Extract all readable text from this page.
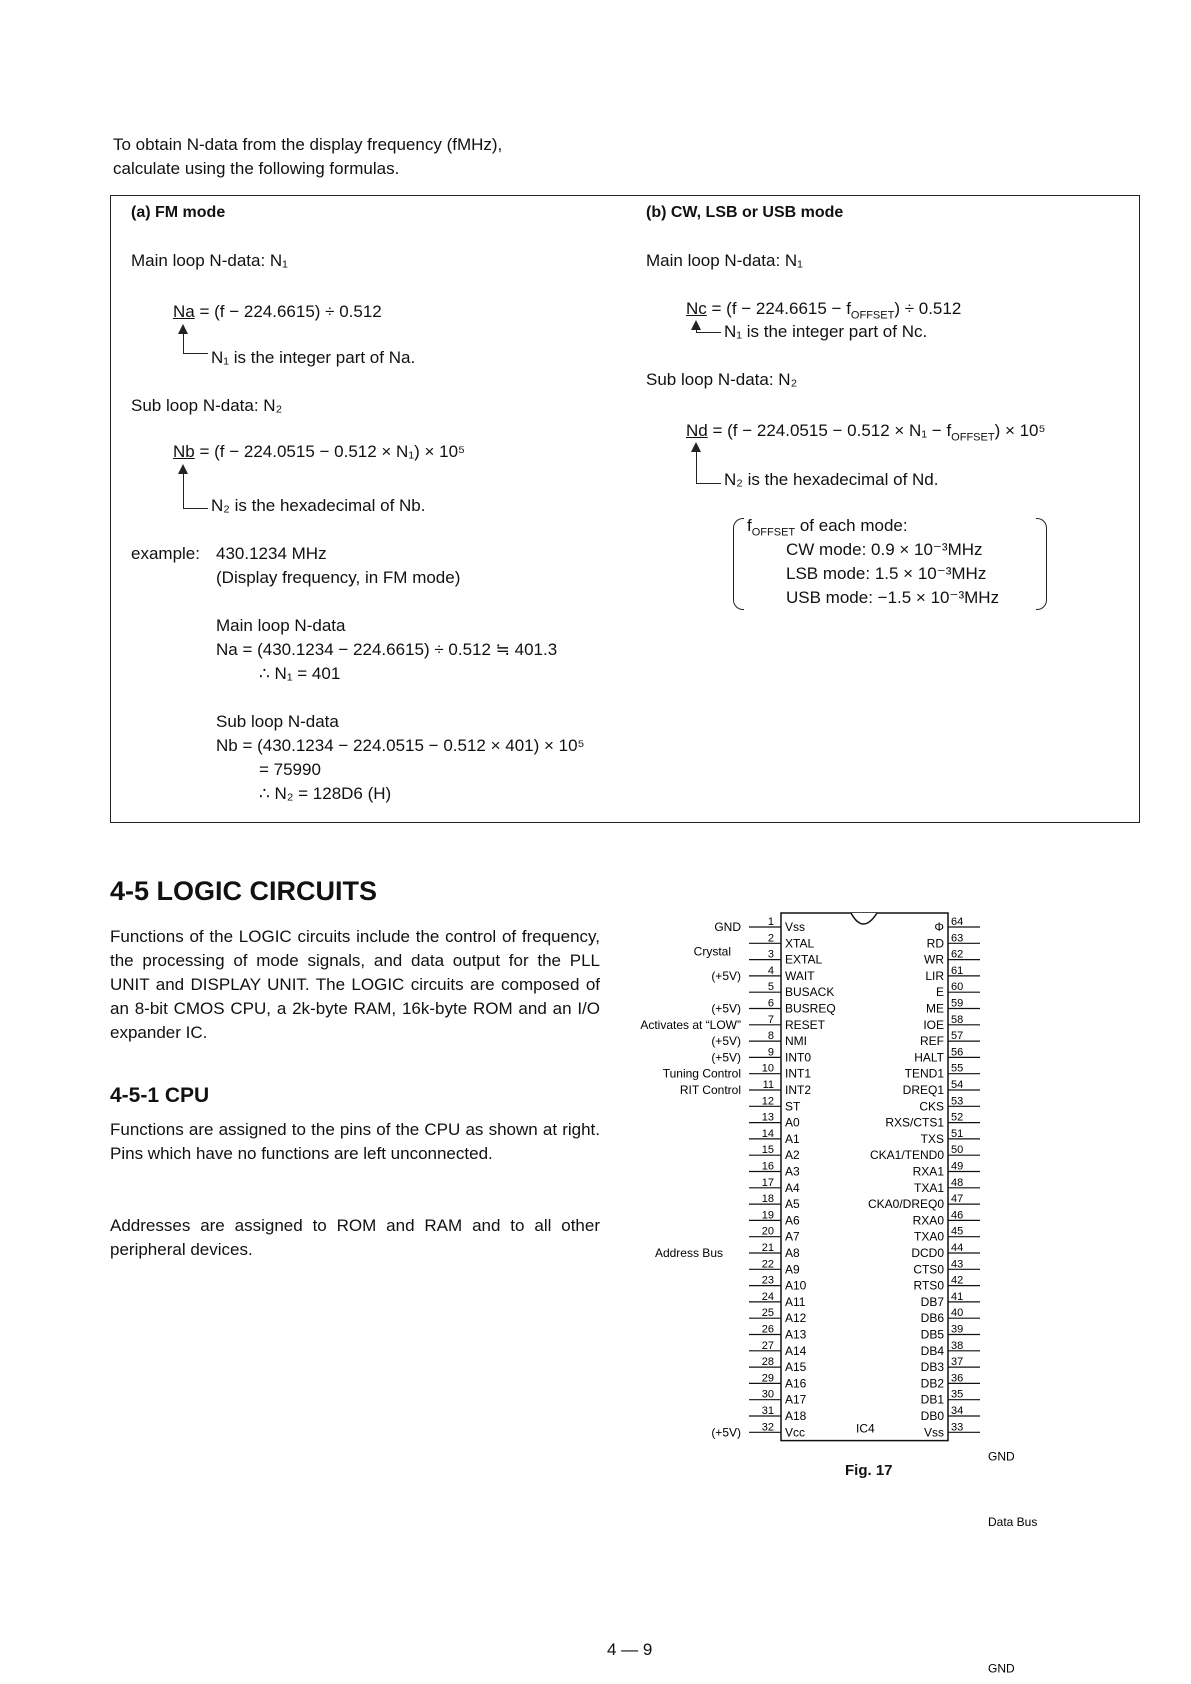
To obtain N-data from the display frequency (fMHz),
calculate using the following formulas.
(a) FM mode
Main loop N-data: N₁
Na = (f − 224.6615) ÷ 0.512
N₁ is the integer part of Na.
Sub loop N-data: N₂
Nb = (f − 224.0515 − 0.512 × N₁) × 10⁵
N₂ is the hexadecimal of Nb.
example: 430.1234 MHz
(Display frequency, in FM mode)
Main loop N-data
Na = (430.1234 − 224.6615) ÷ 0.512 ≒ 401.3
∴ N₁ = 401
Sub loop N-data
Nb = (430.1234 − 224.0515 − 0.512 × 401) × 10⁵
= 75990
∴ N₂ = 128D6 (H)
(b) CW, LSB or USB mode
Main loop N-data: N₁
$Nc = (f - 224.6615 - f_{OFFSET}) \div 0.512$
N₁ is the integer part of Nc.
Sub loop N-data: N₂
$Nd = (f - 224.0515 - 0.512 \times N_1 - f_{OFFSET}) \times 10^5$
N₂ is the hexadecimal of Nd.
$f_{OFFSET}$ of each mode:
CW mode: 0.9 × 10⁻³MHz
LSB mode: 1.5 × 10⁻³MHz
USB mode: −1.5 × 10⁻³MHz
4-5 LOGIC CIRCUITS
Functions of the LOGIC circuits include the control of frequency, the processing of mode signals, and data output for the PLL UNIT and DISPLAY UNIT. The LOGIC circuits are composed of an 8-bit CMOS CPU, a 2k-byte RAM, 16k-byte ROM and an I/O expander IC.
4-5-1 CPU
Functions are assigned to the pins of the CPU as shown at right. Pins which have no functions are left unconnected.
Addresses are assigned to ROM and RAM and to all other peripheral devices.
IC4
1 Vss
2 XTAL
3 EXTAL
4 WAIT
5 BUSACK
6 BUSREQ
7 RESET
8 NMI
9 INT0
10 INT1
11 INT2
12 ST
13 A0
14 A1
15 A2
16 A3
17 A4
18 A5
19 A6
20 A7
21 A8
22 A9
23 A10
24 A11
25 A12
26 A13
27 A14
28 A15
29 A16
30 A17
31 A18
32 Vcc
64
Φ
63
RD
62
WR
61
LIR
60
E
59
ME
58
IOE
57
REF
56
HALT
55
TEND1
54
DREQ1
53
CKS
52
RXS/CTS1
51
TXS
50
CKA1/TEND0
49
RXA1
48
TXA1
47
CKA0/DREQ0
46
RXA0
45
TXA0
44
DCD0
43
CTS0
42
RTS0
41
DB7
40
DB6
39
DB5
38
DB4
37
DB3
36
DB2
35
DB1
34
DB0
33
Vss
GND
Crystal
(+5V)
(+5V)
Activates at “LOW”
(+5V)
(+5V)
Tuning Control
RIT Control
Address Bus
(+5V)
GND
Data Bus
GND
Fig. 17
4 — 9
